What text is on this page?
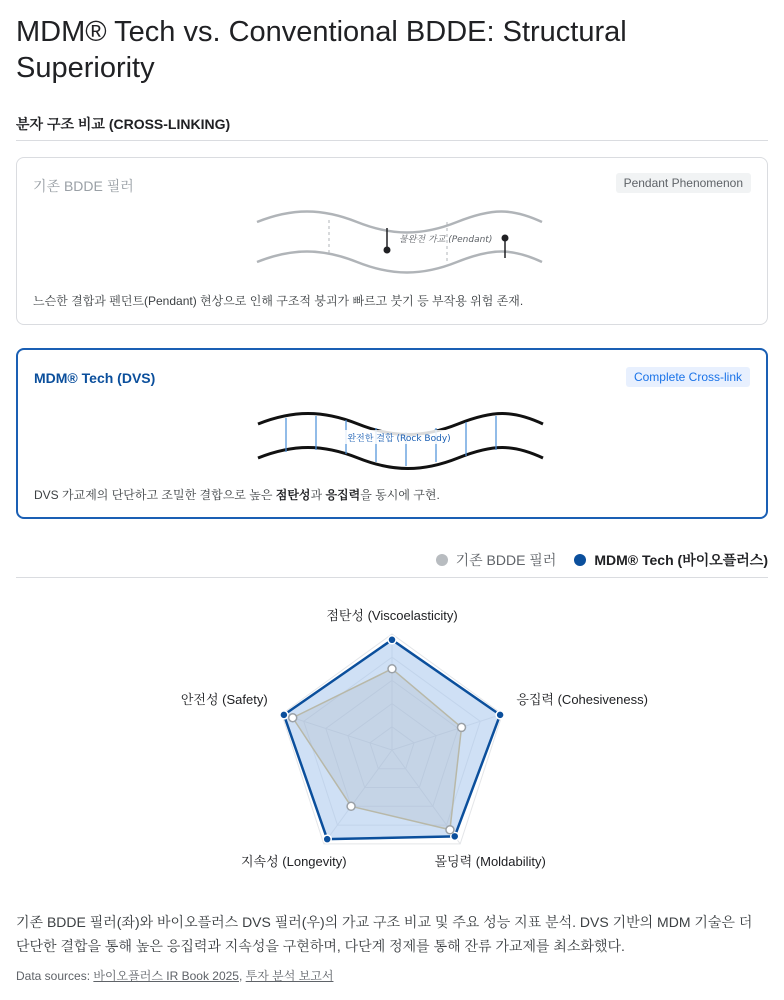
MDM® Tech vs. Conventional BDDE: Structural Superiority
분자 구조 비교 (CROSS-LINKING)
기존 BDDE 필러	Pendant Phenomenon
불완전 가교 (Pendant)
느슨한 결합과 펜던트(Pendant) 현상으로 인해 구조적 붕괴가 빠르고 붓기 등 부작용 위험 존재.
MDM® Tech (DVS)	Complete Cross-link
완전한 결합 (Rock Body)
DVS 가교제의 단단하고 조밀한 결합으로 높은 점탄성과 응집력을 동시에 구현.
기존 BDDE 필러	MDM® Tech (바이오플러스)
점탄성 (Viscoelasticity)
응집력 (Cohesiveness)
몰딩력 (Moldability)
지속성 (Longevity)
안전성 (Safety)
기존 BDDE 필러(좌)와 바이오플러스 DVS 필러(우)의 가교 구조 비교 및 주요 성능 지표 분석. DVS 기반의 MDM 기술은 더 단단한 결합을 통해 높은 응집력과 지속성을 구현하며, 다단계 정제를 통해 잔류 가교제를 최소화했다.
Data sources: 바이오플러스 IR Book 2025, 투자 분석 보고서
